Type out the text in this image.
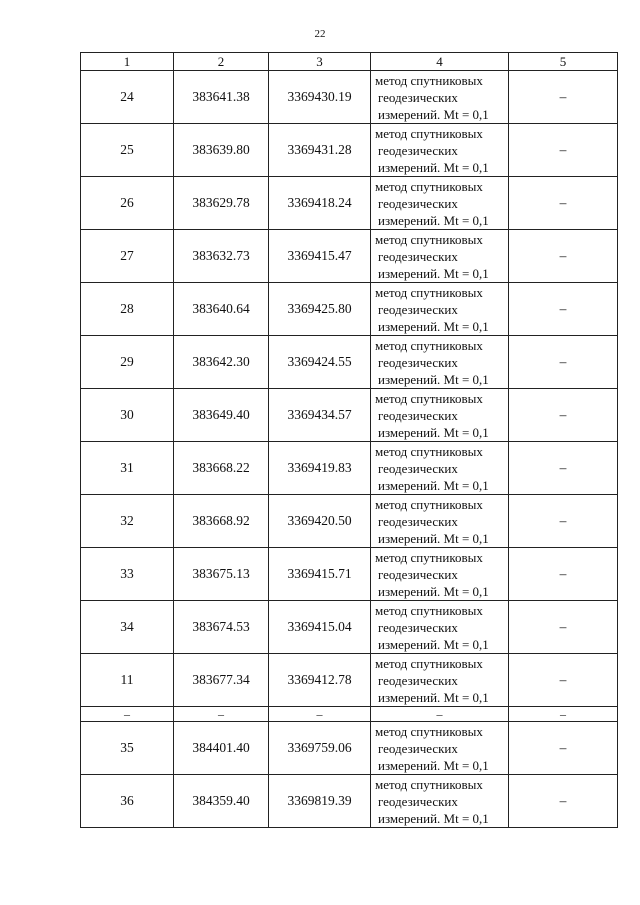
22
1	2	3	4	5
24	383641.38	3369430.19	метод спутниковых
геодезических
измерений. Mt = 0,1	–
25	383639.80	3369431.28	метод спутниковых
геодезических
измерений. Mt = 0,1	–
26	383629.78	3369418.24	метод спутниковых
геодезических
измерений. Mt = 0,1	–
27	383632.73	3369415.47	метод спутниковых
геодезических
измерений. Mt = 0,1	–
28	383640.64	3369425.80	метод спутниковых
геодезических
измерений. Mt = 0,1	–
29	383642.30	3369424.55	метод спутниковых
геодезических
измерений. Mt = 0,1	–
30	383649.40	3369434.57	метод спутниковых
геодезических
измерений. Mt = 0,1	–
31	383668.22	3369419.83	метод спутниковых
геодезических
измерений. Mt = 0,1	–
32	383668.92	3369420.50	метод спутниковых
геодезических
измерений. Mt = 0,1	–
33	383675.13	3369415.71	метод спутниковых
геодезических
измерений. Mt = 0,1	–
34	383674.53	3369415.04	метод спутниковых
геодезических
измерений. Mt = 0,1	–
11	383677.34	3369412.78	метод спутниковых
геодезических
измерений. Mt = 0,1	–
–	–	–	–	–
35	384401.40	3369759.06	метод спутниковых
геодезических
измерений. Mt = 0,1	–
36	384359.40	3369819.39	метод спутниковых
геодезических
измерений. Mt = 0,1	–
